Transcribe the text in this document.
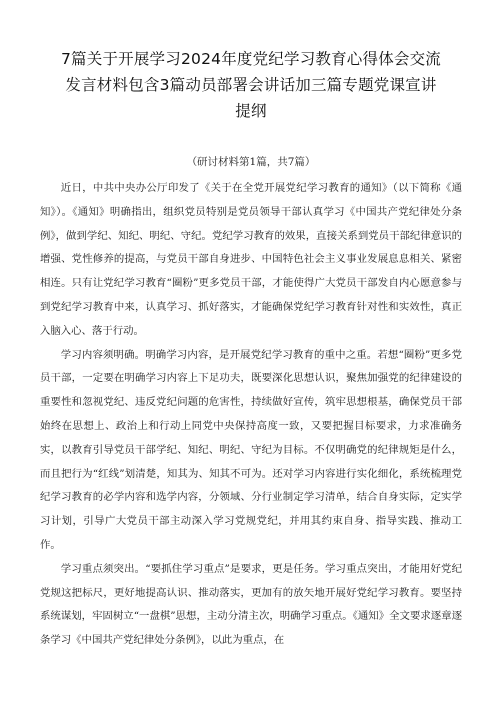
7篇关于开展学习2024年度党纪学习教育心得体会交流发言材料包含3篇动员部署会讲话加三篇专题党课宣讲提纲
（研讨材料第1篇，共7篇）

近日，中共中央办公厅印发了《关于在全党开展党纪学习教育的通知》（以下简称《通知》）。《通知》明确指出，组织党员特别是党员领导干部认真学习《中国共产党纪律处分条例》，做到学纪、知纪、明纪、守纪。党纪学习教育的效果，直接关系到党员干部纪律意识的增强、党性修养的提高，与党员干部自身进步、中国特色社会主义事业发展息息相关、紧密相连。只有让党纪学习教育“圈粉”更多党员干部，才能使得广大党员干部发自内心愿意参与到党纪学习教育中来，认真学习、抓好落实，才能确保党纪学习教育针对性和实效性，真正入脑入心、落于行动。

学习内容须明确。明确学习内容，是开展党纪学习教育的重中之重。若想“圈粉”更多党员干部，一定要在明确学习内容上下足功夫，既要深化思想认识，聚焦加强党的纪律建设的重要性和忽视党纪、违反党纪问题的危害性，持续做好宣传，筑牢思想根基，确保党员干部始终在思想上、政治上和行动上同党中央保持高度一致，又要把握目标要求，力求准确务实，以教育引导党员干部学纪、知纪、明纪、守纪为目标。不仅明确党的纪律规矩是什么，而且把行为“红线”划清楚，知其为、知其不可为。还对学习内容进行实化细化，系统梳理党纪学习教育的必学内容和选学内容，分领域、分行业制定学习清单，结合自身实际，定实学习计划，引导广大党员干部主动深入学习党规党纪，并用其约束自身、指导实践、推动工作。

学习重点须突出。“要抓住学习重点”是要求，更是任务。学习重点突出，才能用好党纪党规这把标尺，更好地提高认识、推动落实，更加有的放矢地开展好党纪学习教育。要坚持系统谋划，牢固树立“一盘棋”思想，主动分清主次，明确学习重点。《通知》全文要求逐章逐条学习《中国共产党纪律处分条例》，以此为重点，在
